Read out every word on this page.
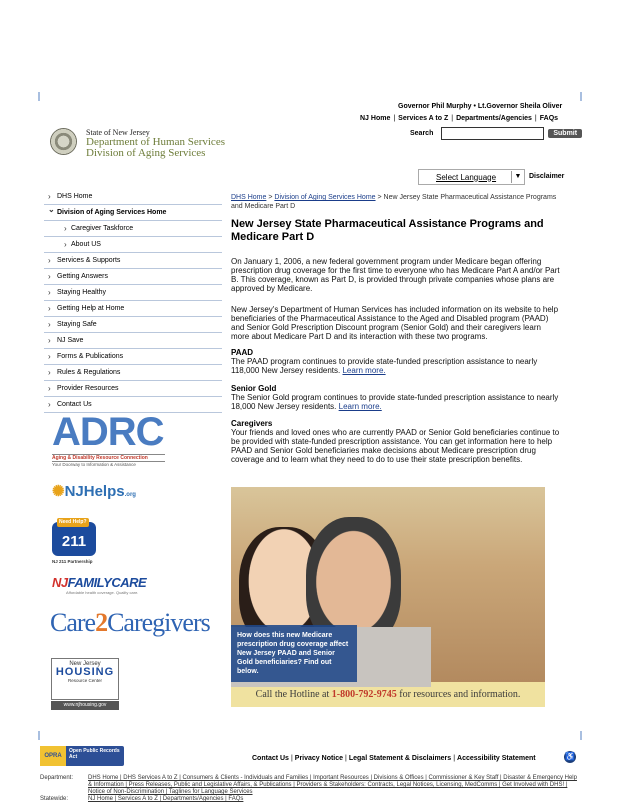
Governor Phil Murphy • Lt.Governor Sheila Oliver
NJ Home | Services A to Z | Departments/Agencies | FAQs
Search	Submit
State of New Jersey
Department of Human Services
Division of Aging Services
Select Language	▼	Disclaimer
› DHS Home
⌄ Division of Aging Services Home
› Caregiver Taskforce
› About US
› Services & Supports
› Getting Answers
› Staying Healthy
› Getting Help at Home
› Staying Safe
› NJ Save
› Forms & Publications
› Rules & Regulations
› Provider Resources
› Contact Us
ADRC
Aging & Disability Resource Connection
Your Doorway to Information & Assistance
✺NJHelps.org
Need Help?
211
NJ 211 Partnership
NJFAMILYCARE
Affordable health coverage. Quality care.
Care2Caregivers
New Jersey
HOUSING
Resource Center
www.njhousing.gov
DHS Home > Division of Aging Services Home > New Jersey State Pharmaceutical Assistance Programs and Medicare Part D
New Jersey State Pharmaceutical Assistance Programs and Medicare Part D
On January 1, 2006, a new federal government program under Medicare began offering prescription drug coverage for the first time to everyone who has Medicare Part A and/or Part B. This coverage, known as Part D, is provided through private companies whose plans are approved by Medicare.
New Jersey's Department of Human Services has included information on its website to help beneficiaries of the Pharmaceutical Assistance to the Aged and Disabled program (PAAD) and Senior Gold Prescription Discount program (Senior Gold) and their caregivers learn more about Medicare Part D and its interaction with these two programs.
PAAD
The PAAD program continues to provide state-funded prescription assistance to nearly 118,000 New Jersey residents. Learn more.
Senior Gold
The Senior Gold program continues to provide state-funded prescription assistance to nearly 18,000 New Jersey residents. Learn more.
Caregivers
Your friends and loved ones who are currently PAAD or Senior Gold beneficiaries continue to be provided with state-funded prescription assistance. You can get information here to help PAAD and Senior Gold beneficiaries make decisions about Medicare prescription drug coverage and to learn what they need to do to use their state prescription benefits.
How does this new Medicare prescription drug coverage affect New Jersey PAAD and Senior Gold beneficiaries? Find out below.
Call the Hotline at 1-800-792-9745 for resources and information.
OPRA
Open Public Records Act	Contact Us | Privacy Notice | Legal Statement & Disclaimers | Accessibility Statement	♿
Department: DHS Home | DHS Services A to Z | Consumers & Clients - Individuals and Families | Important Resources | Divisions & Offices | Commissioner & Key Staff | Disaster & Emergency Help & Information | Press Releases, Public and Legislative Affairs, & Publications | Providers & Stakeholders: Contracts, Legal Notices, Licensing, MedComms | Get Involved with DHS! | Notice of Non-Discrimination | Taglines for Language Services
Statewide:	NJ Home | Services A to Z | Departments/Agencies | FAQs
